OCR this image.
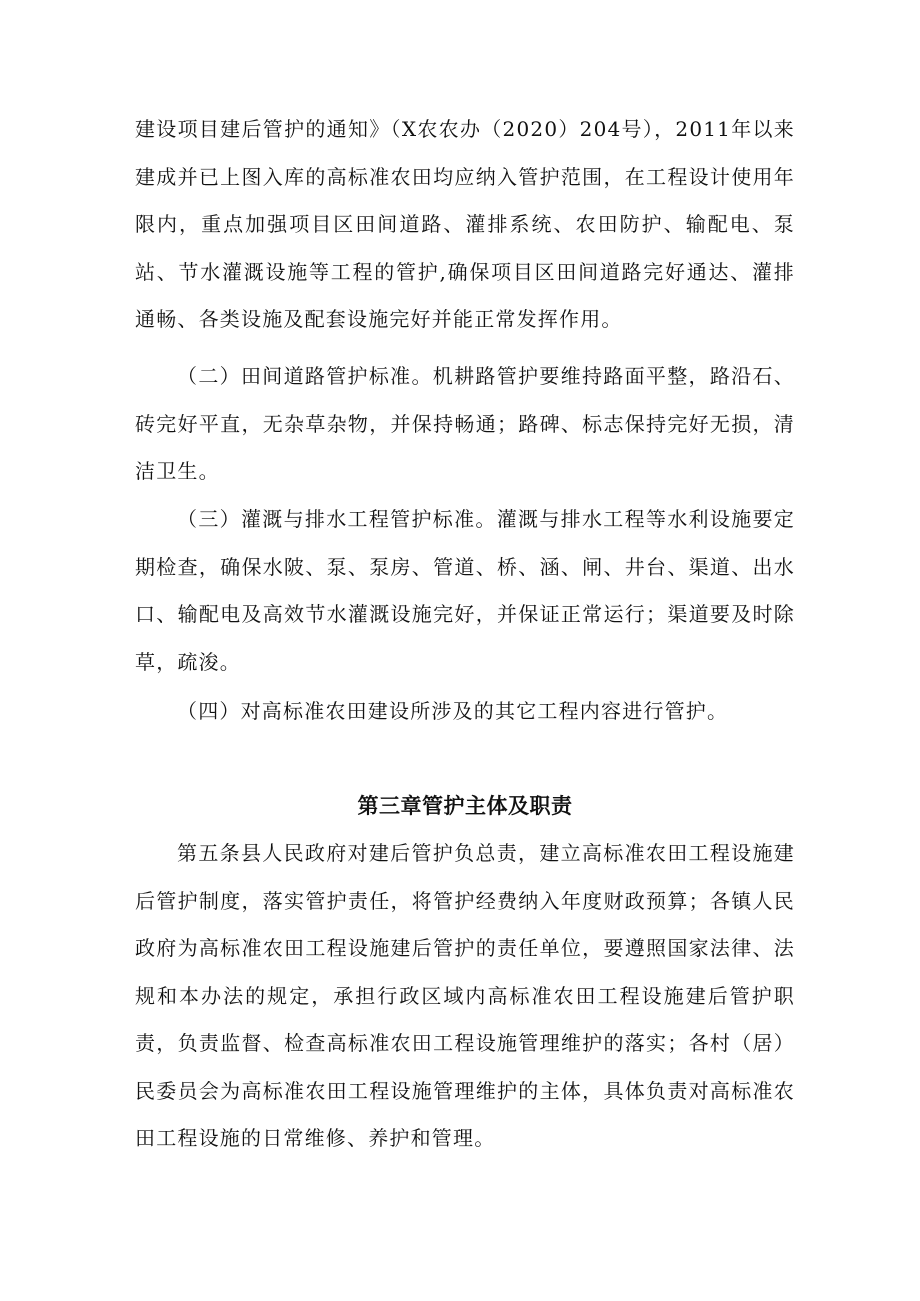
建设项目建后管护的通知》（X农农办（2020）204号），2011年以来建成并已上图入库的高标准农田均应纳入管护范围，在工程设计使用年限内，重点加强项目区田间道路、灌排系统、农田防护、输配电、泵站、节水灌溉设施等工程的管护,确保项目区田间道路完好通达、灌排通畅、各类设施及配套设施完好并能正常发挥作用。

（二）田间道路管护标准。机耕路管护要维持路面平整，路沿石、砖完好平直，无杂草杂物，并保持畅通；路碑、标志保持完好无损，清洁卫生。

（三）灌溉与排水工程管护标准。灌溉与排水工程等水利设施要定期检查，确保水陂、泵、泵房、管道、桥、涵、闸、井台、渠道、出水口、输配电及高效节水灌溉设施完好，并保证正常运行；渠道要及时除草，疏浚。

（四）对高标准农田建设所涉及的其它工程内容进行管护。

第三章管护主体及职责

第五条县人民政府对建后管护负总责，建立高标准农田工程设施建后管护制度，落实管护责任，将管护经费纳入年度财政预算；各镇人民政府为高标准农田工程设施建后管护的责任单位，要遵照国家法律、法规和本办法的规定，承担行政区域内高标准农田工程设施建后管护职责，负责监督、检查高标准农田工程设施管理维护的落实；各村（居）民委员会为高标准农田工程设施管理维护的主体，具体负责对高标准农田工程设施的日常维修、养护和管理。
